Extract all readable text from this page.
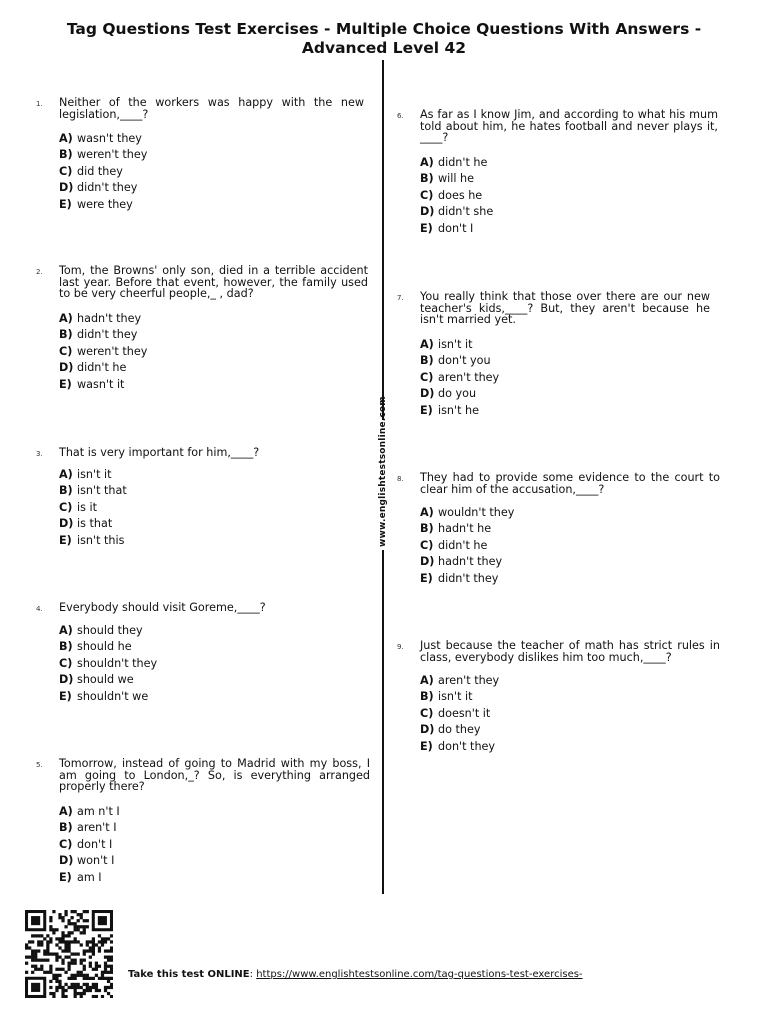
Tag Questions Test Exercises - Multiple Choice Questions With Answers -
Advanced Level 42
www.englishtestsonline.com
1. Neither of the workers was happy with the new legislation,____?
A) wasn't they
B) weren't they
C) did they
D) didn't they
E) were they
2. Tom, the Browns' only son, died in a terrible accident last year. Before that event, however, the family used to be very cheerful people,_ , dad?
A) hadn't they
B) didn't they
C) weren't they
D) didn't he
E) wasn't it
3. That is very important for him,____?
A) isn't it
B) isn't that
C) is it
D) is that
E) isn't this
4. Everybody should visit Goreme,____?
A) should they
B) should he
C) shouldn't they
D) should we
E) shouldn't we
5. Tomorrow, instead of going to Madrid with my boss, I am going to London,_? So, is everything arranged properly there?
A) am n't I
B) aren't I
C) don't I
D) won't I
E) am I
6. As far as I know Jim, and according to what his mum told about him, he hates football and never plays it, ____?
A) didn't he
B) will he
C) does he
D) didn't she
E) don't I
7. You really think that those over there are our new teacher's kids,____? But, they aren't because he isn't married yet.
A) isn't it
B) don't you
C) aren't they
D) do you
E) isn't he
8. They had to provide some evidence to the court to clear him of the accusation,____?
A) wouldn't they
B) hadn't he
C) didn't he
D) hadn't they
E) didn't they
9. Just because the teacher of math has strict rules in class, everybody dislikes him too much,____?
A) aren't they
B) isn't it
C) doesn't it
D) do they
E) don't they
Take this test ONLINE: https://www.englishtestsonline.com/tag-questions-test-exercises-
